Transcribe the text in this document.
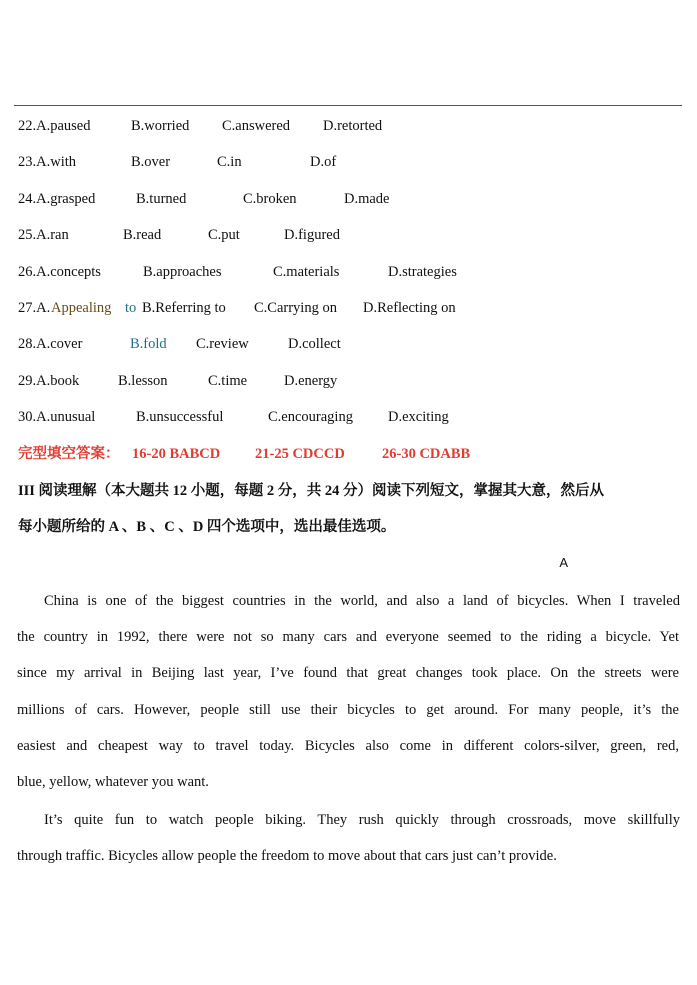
22.A.paused	B.worried C.answered D.retorted
23.A.with	B.over	C.in	D.of
24.A.grasped	B.turned	C.broken	D.made
25.A.ran	B.read	C.put	D.figured
26.A.concepts	B.approaches	C.materials	D.strategies
27.A. Appealing to B.Referring to C.Carrying on D.Reflecting on
28.A.cover	B.fold C.review	D.collect
29.A.book	B.lesson	C.time	D.energy
30.A.unusual	B.unsuccessful	C.encouraging D.exciting
完型填空答案： 16-20 BABCD 21-25 CDCCD	26-30 CDABB
III 阅读理解（本大题共 12 小题，每题 2 分，共 24 分）阅读下列短文，掌握其大意，然后从
每小题所给的 A 、B 、C 、D 四个选项中，选出最佳选项。
A
China is one of the biggest countries in the world, and also a land of bicycles. When I traveled
the country in 1992, there were not so many cars and everyone seemed to the riding a bicycle. Yet
since my arrival in Beijing last year, I’ve found that great changes took place. On the streets were
millions of cars. However, people still use their bicycles to get around. For many people, it’s the
easiest and cheapest way to travel today. Bicycles also come in different colors-silver, green, red,
blue, yellow, whatever you want.
It’s quite fun to watch people biking. They rush quickly through crossroads, move skillfully
through traffic. Bicycles allow people the freedom to move about that cars just can’t provide.
